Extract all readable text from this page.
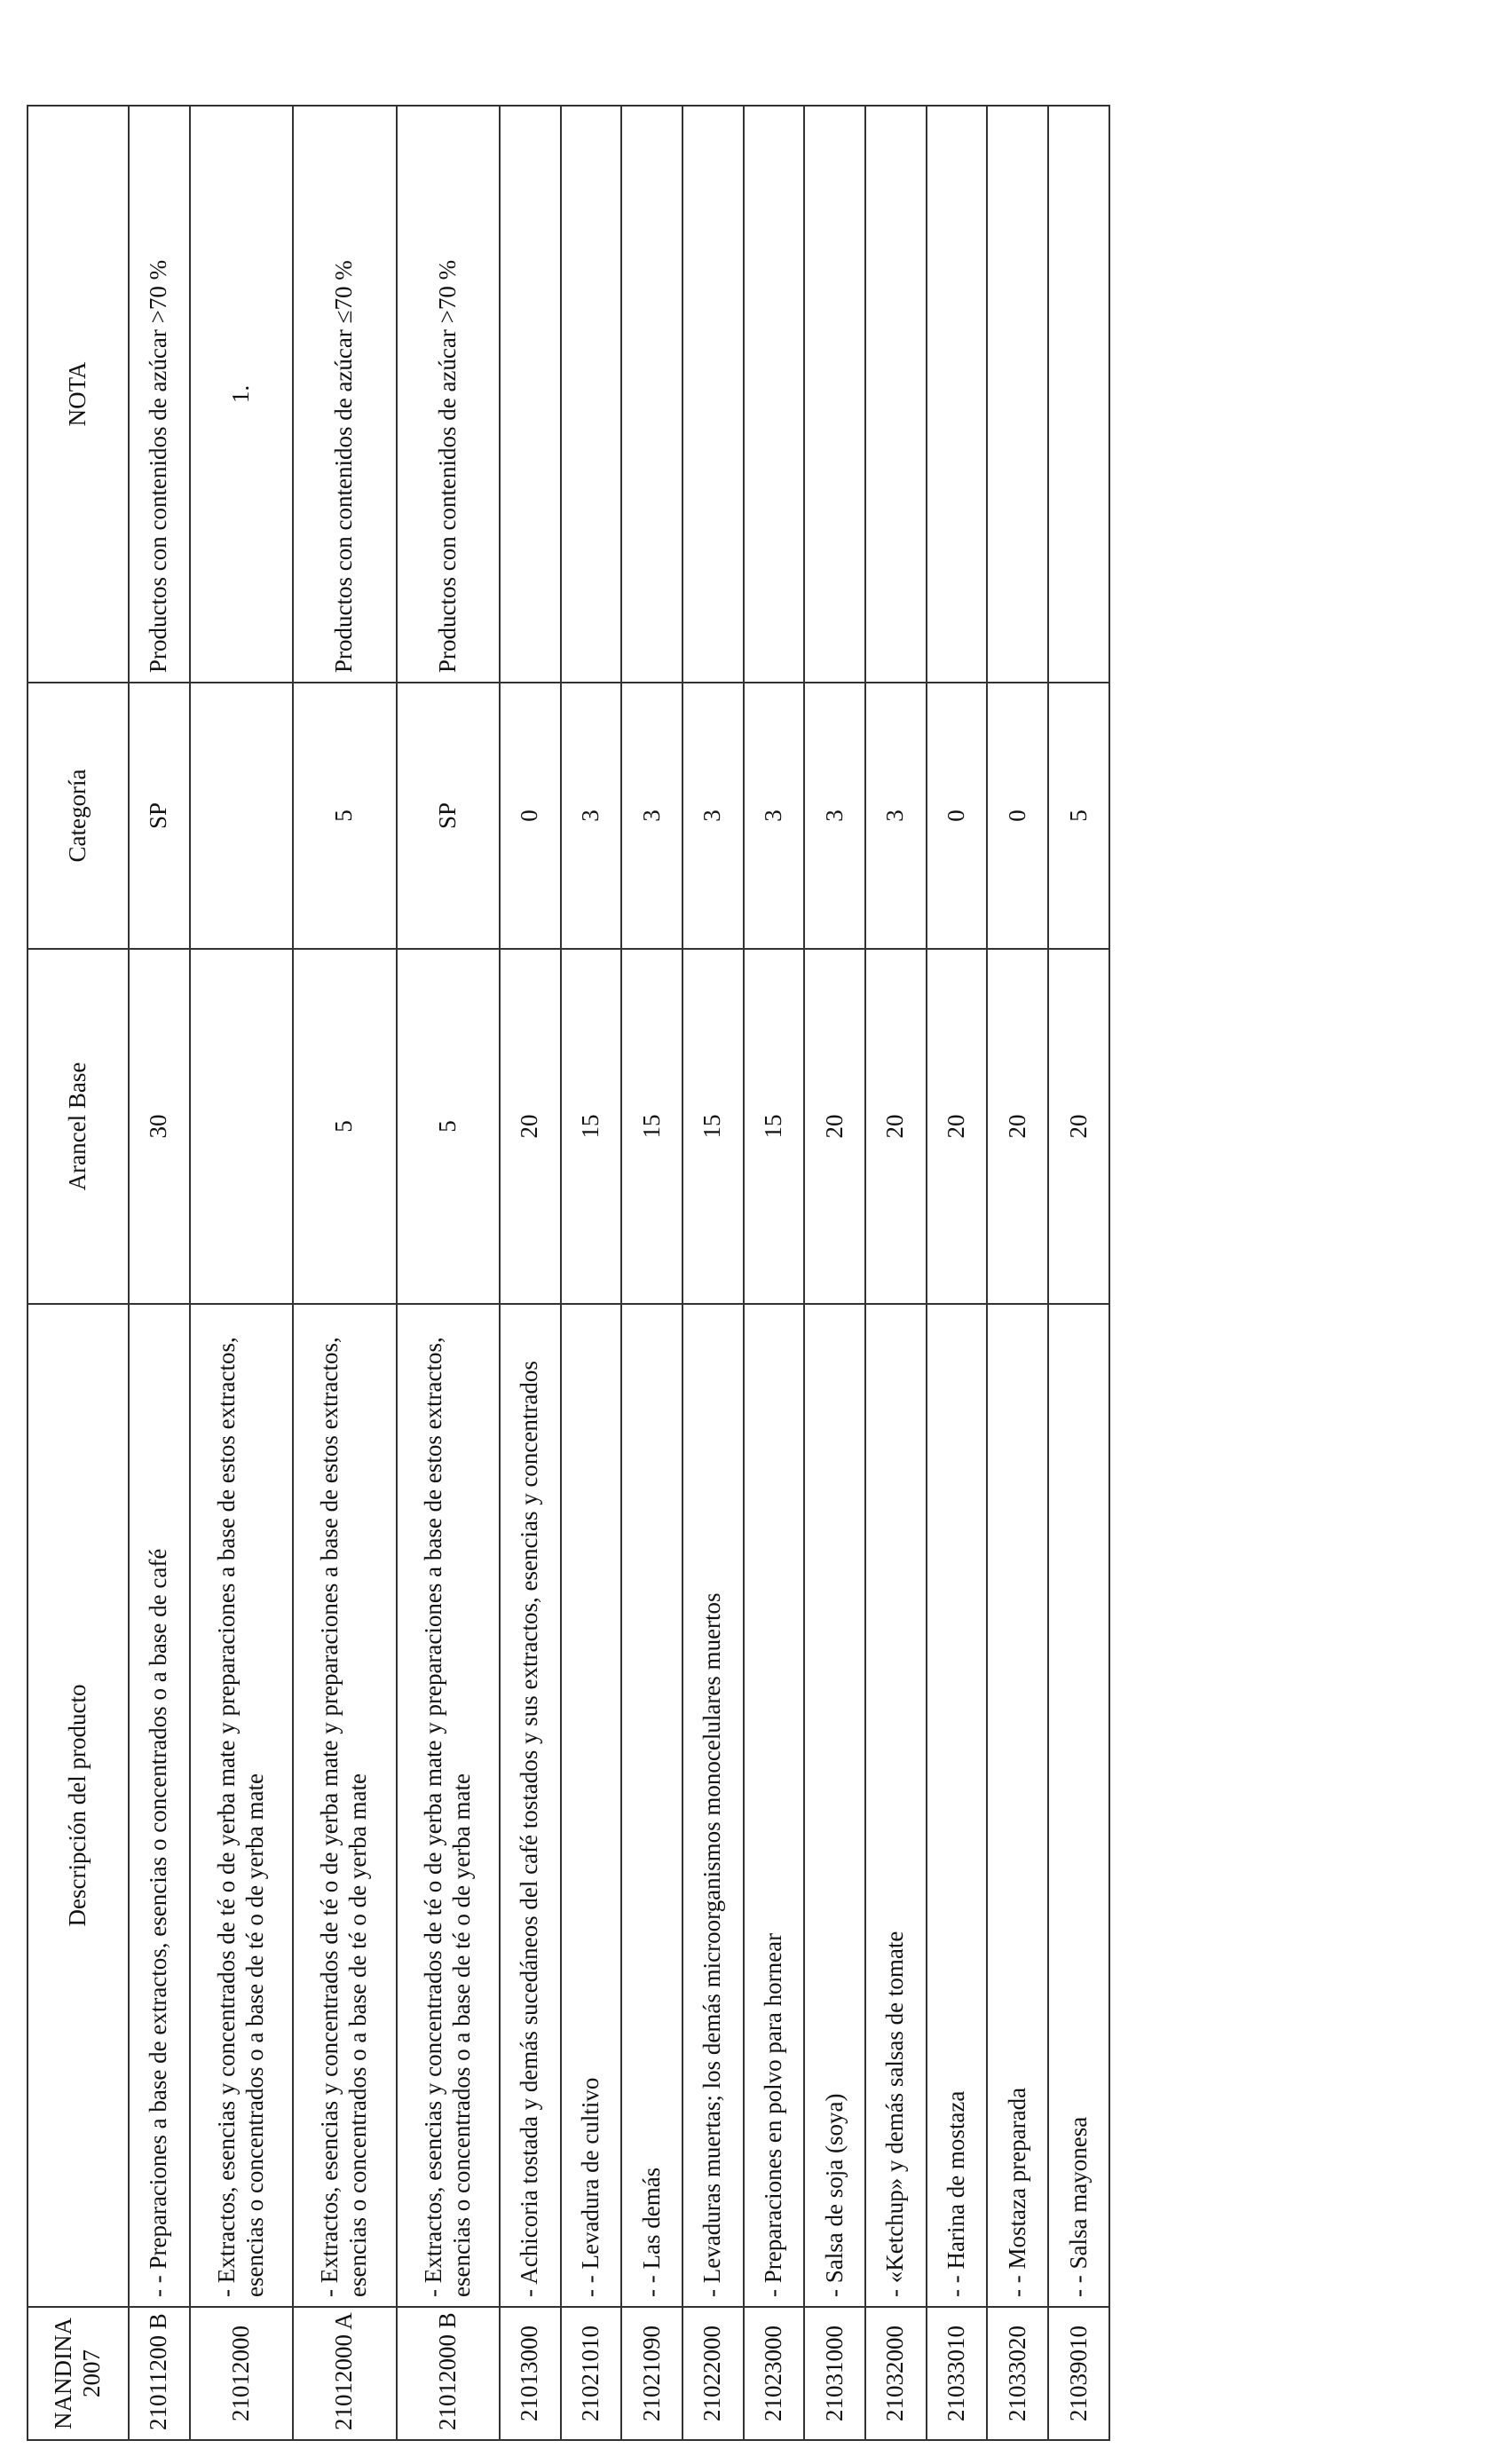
NANDINA 2007	Descripción del producto	Arancel Base	Categoría	NOTA
21011200 B	- - Preparaciones a base de extractos, esencias o concentrados o a base de café	30	SP	Productos con contenidos de azúcar >70 %
21012000	- Extractos, esencias y concentrados de té o de yerba mate y preparaciones a base de estos extractos, esencias o concentrados o a base de té o de yerba mate			1.
21012000 A	- Extractos, esencias y concentrados de té o de yerba mate y preparaciones a base de estos extractos, esencias o concentrados o a base de té o de yerba mate	5	5	Productos con contenidos de azúcar ≤70 %
21012000 B	- Extractos, esencias y concentrados de té o de yerba mate y preparaciones a base de estos extractos, esencias o concentrados o a base de té o de yerba mate	5	SP	Productos con contenidos de azúcar >70 %
21013000	- Achicoria tostada y demás sucedáneos del café tostados y sus extractos, esencias y concentrados	20	0	
21021010	- - Levadura de cultivo	15	3	
21021090	- - Las demás	15	3	
21022000	- Levaduras muertas; los demás microorganismos monocelulares muertos	15	3	
21023000	- Preparaciones en polvo para hornear	15	3	
21031000	- Salsa de soja (soya)	20	3	
21032000	- «Ketchup» y demás salsas de tomate	20	3	
21033010	- - Harina de mostaza	20	0	
21033020	- - Mostaza preparada	20	0	
21039010	- - Salsa mayonesa	20	5	
